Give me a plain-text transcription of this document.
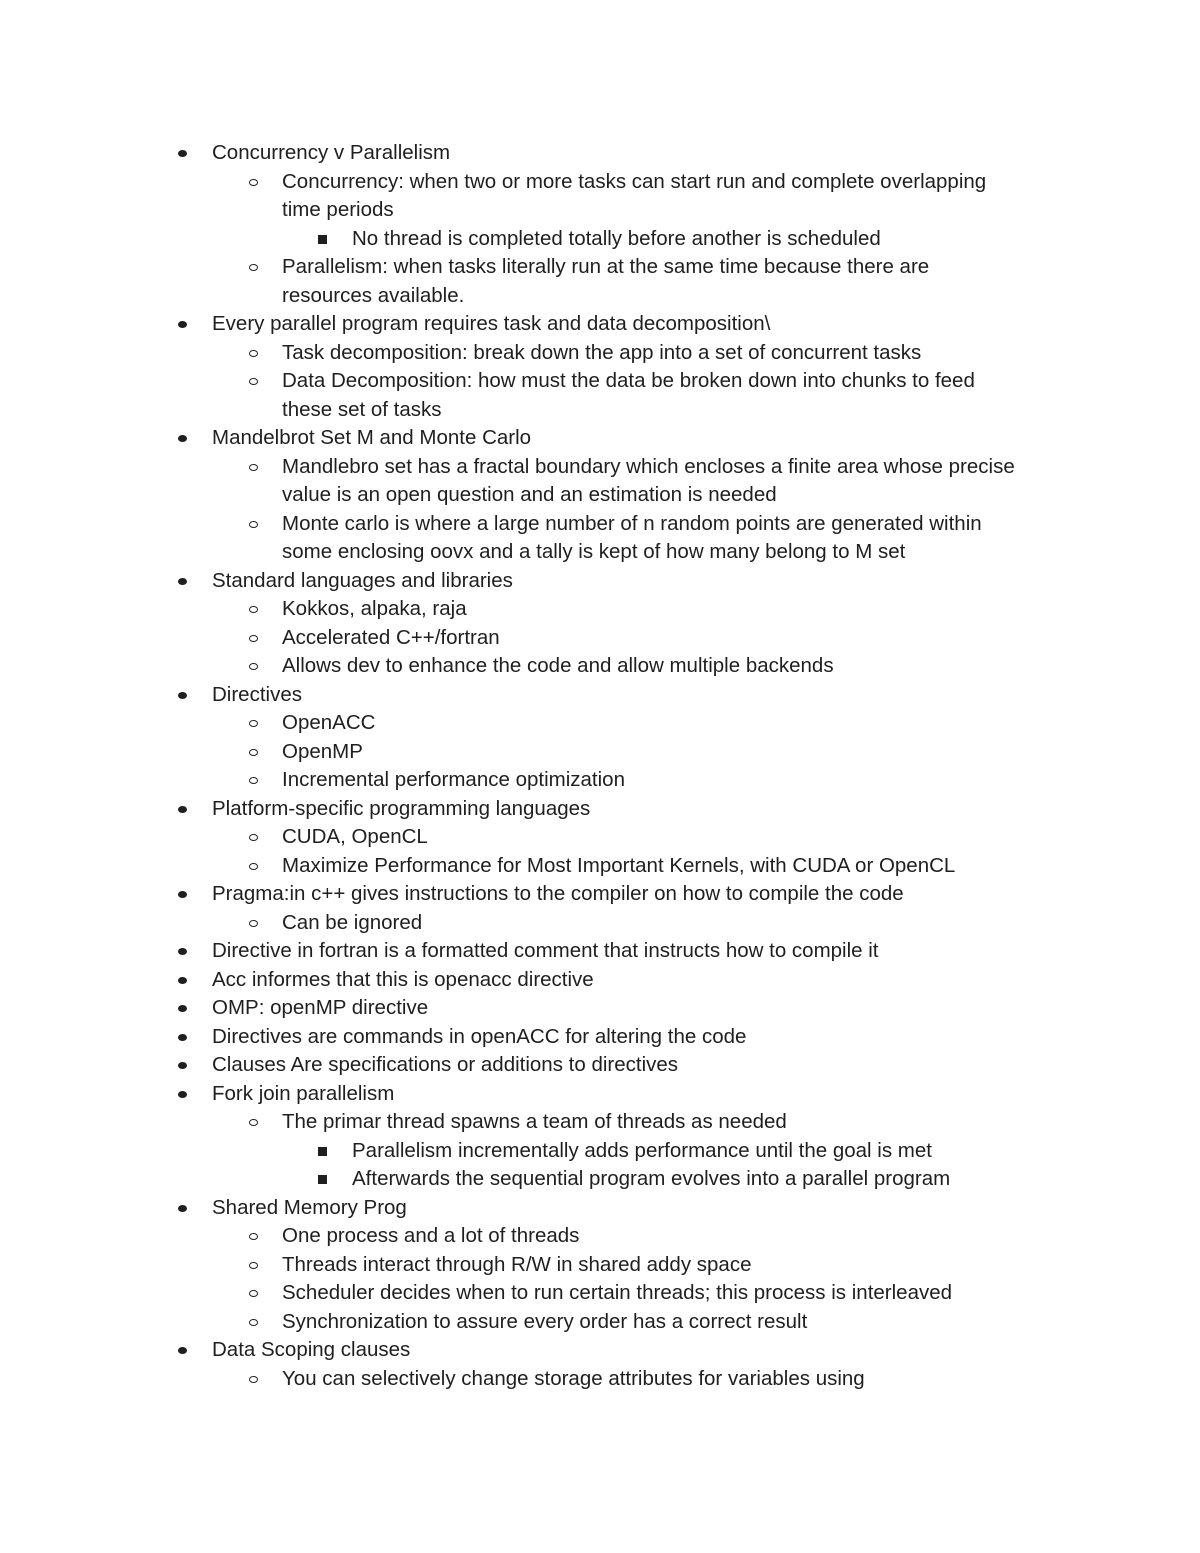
Concurrency v Parallelism
Concurrency: when two or more tasks can start run and complete overlapping
time periods
No thread is completed totally before another is scheduled
Parallelism: when tasks literally run at the same time because there are
resources available.
Every parallel program requires task and data decomposition\
Task decomposition: break down the app into a set of concurrent tasks
Data Decomposition: how must the data be broken down into chunks to feed
these set of tasks
Mandelbrot Set M and Monte Carlo
Mandlebro set has a fractal boundary which encloses a finite area whose precise
value is an open question and an estimation is needed
Monte carlo is where a large number of n random points are generated within
some enclosing oovx and a tally is kept of how many belong to M set
Standard languages and libraries
Kokkos, alpaka, raja
Accelerated C++/fortran
Allows dev to enhance the code and allow multiple backends
Directives
OpenACC
OpenMP
Incremental performance optimization
Platform-specific programming languages
CUDA, OpenCL
Maximize Performance for Most Important Kernels, with CUDA or OpenCL
Pragma:in c++ gives instructions to the compiler on how to compile the code
Can be ignored
Directive in fortran is a formatted comment that instructs how to compile it
Acc informes that this is openacc directive
OMP: openMP directive
Directives are commands in openACC for altering the code
Clauses Are specifications or additions to directives
Fork join parallelism
The primar thread spawns a team of threads as needed
Parallelism incrementally adds performance until the goal is met
Afterwards the sequential program evolves into a parallel program
Shared Memory Prog
One process and a lot of threads
Threads interact through R/W in shared addy space
Scheduler decides when to run certain threads; this process is interleaved
Synchronization to assure every order has a correct result
Data Scoping clauses
You can selectively change storage attributes for variables using
